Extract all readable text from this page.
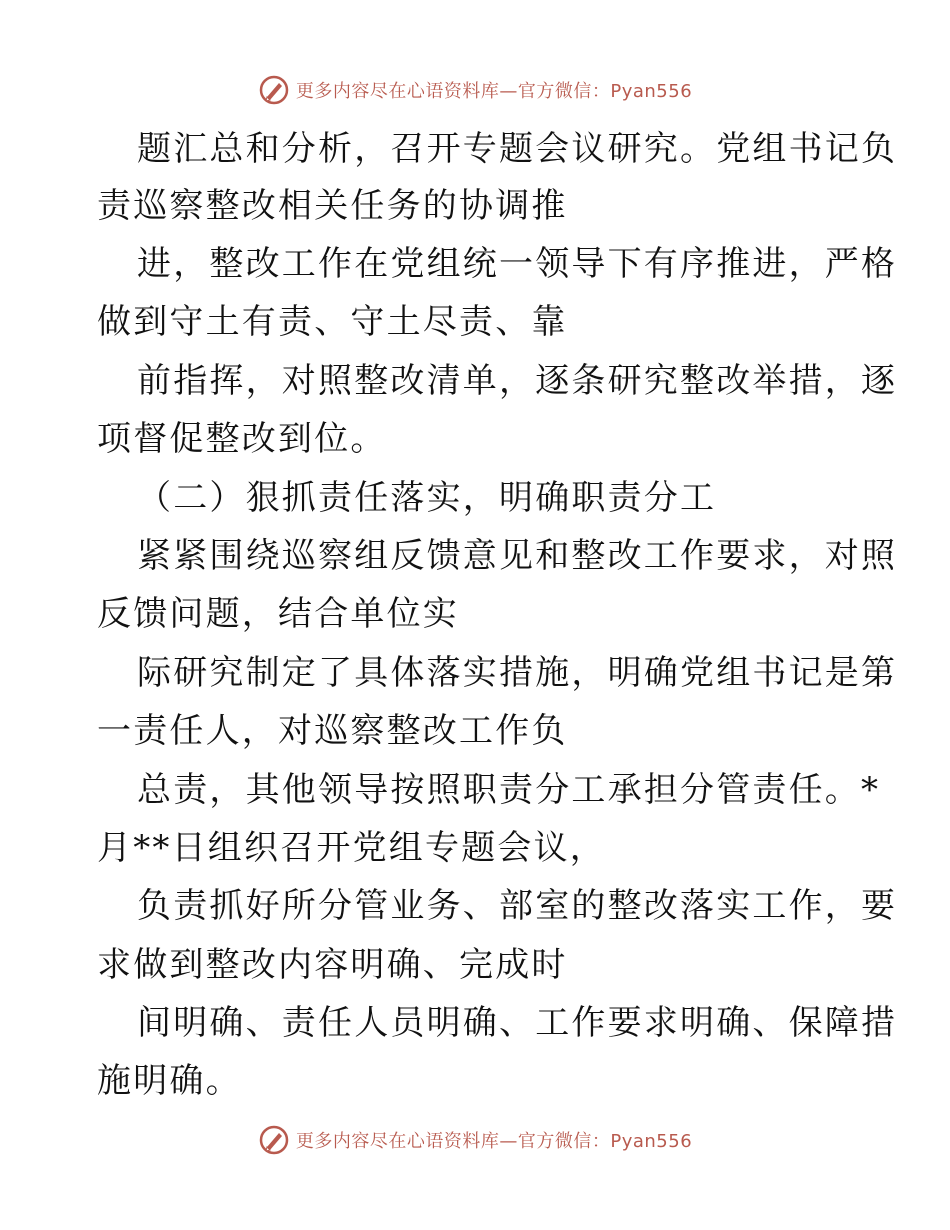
更多内容尽在心语资料库—官方微信：Pyan556
题汇总和分析，召开专题会议研究。党组书记负
责巡察整改相关任务的协调推
进，整改工作在党组统一领导下有序推进，严格
做到守土有责、守土尽责、靠
前指挥，对照整改清单，逐条研究整改举措，逐
项督促整改到位。
（二）狠抓责任落实，明确职责分工
紧紧围绕巡察组反馈意见和整改工作要求，对照
反馈问题，结合单位实
际研究制定了具体落实措施，明确党组书记是第
一责任人，对巡察整改工作负
总责，其他领导按照职责分工承担分管责任。*
月**日组织召开党组专题会议，
负责抓好所分管业务、部室的整改落实工作，要
求做到整改内容明确、完成时
间明确、责任人员明确、工作要求明确、保障措
施明确。
更多内容尽在心语资料库—官方微信：Pyan556
